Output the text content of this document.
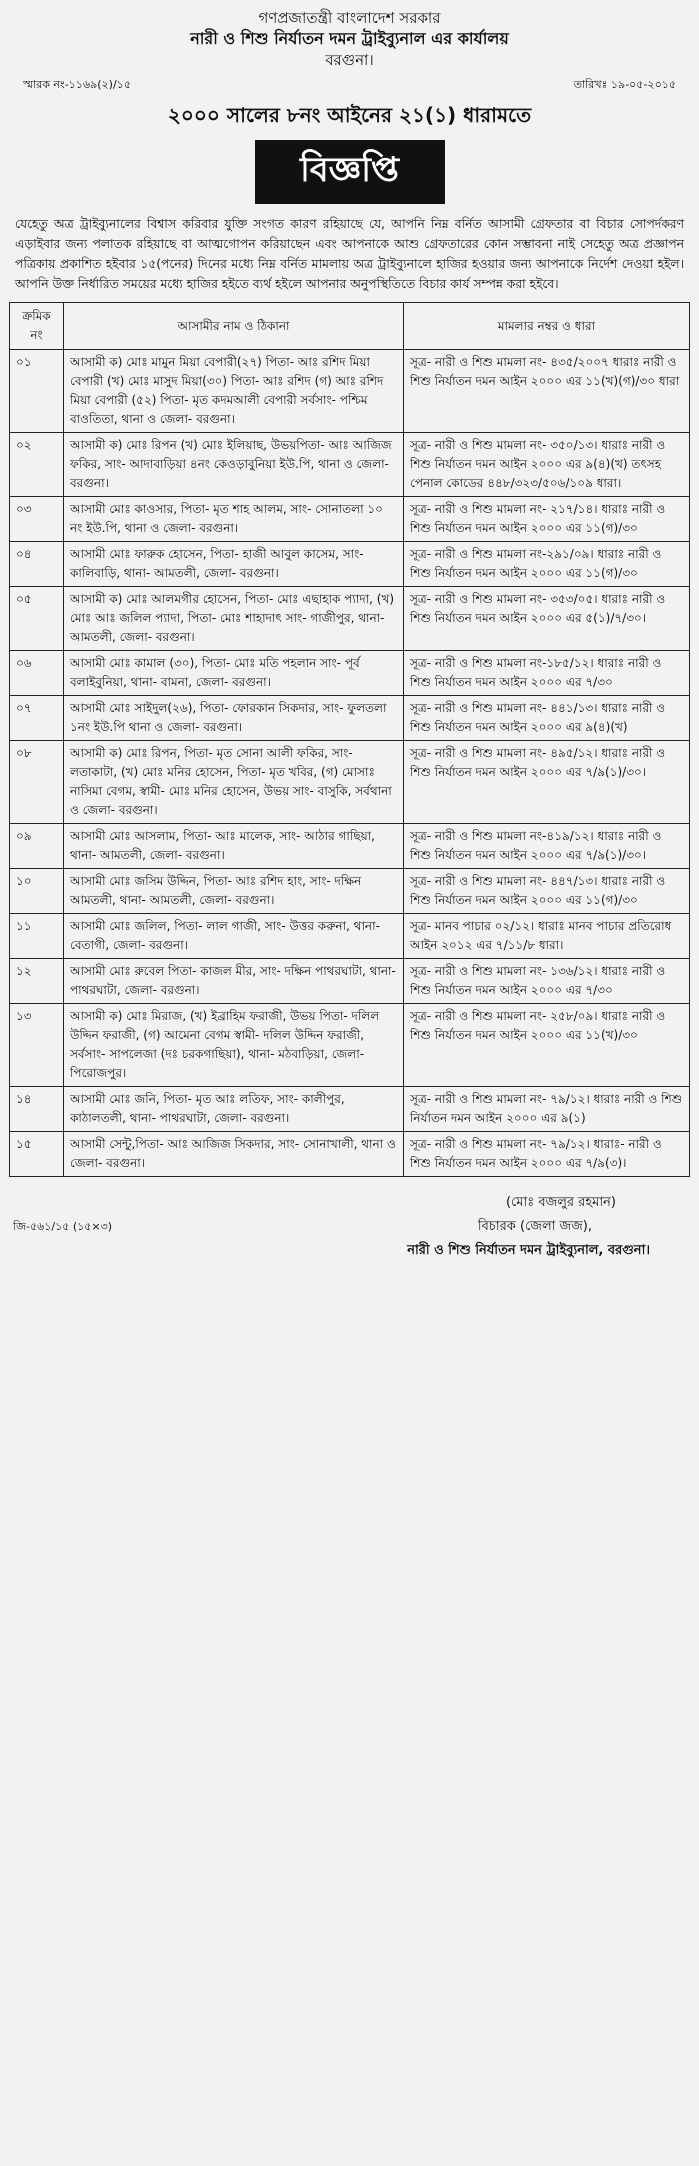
গণপ্রজাতন্ত্রী বাংলাদেশ সরকার
নারী ও শিশু নির্যাতন দমন ট্রাইব্যুনাল এর কার্যালয়
বরগুনা।
স্মারক নং-১১৬৯(২)/১৫	তারিখঃ ১৯-০৫-২০১৫
২০০০ সালের ৮নং আইনের ২১(১) ধারামতে
বিজ্ঞপ্তি
যেহেতু অত্র ট্রাইব্যুনালের বিশ্বাস করিবার যুক্তি সংগত কারণ রহিয়াছে যে, আপনি নিম্ন বর্নিত আসামী গ্রেফতার বা বিচার সোপর্দকরণ এড়াইবার জন্য পলাতক রহিয়াছে বা আত্মগোপন করিয়াছেন এবং আপনাকে আশু গ্রেফতারের কোন সম্ভাবনা নাই সেহেতু অত্র প্রজ্ঞাপন পত্রিকায় প্রকাশিত হইবার ১৫(পনের) দিনের মধ্যে নিম্ন বর্নিত মামলায় অত্র ট্রাইব্যুনালে হাজির হওয়ার জন্য আপনাকে নির্দেশ দেওয়া হইল। আপনি উক্ত নির্ধারিত সময়ের মধ্যে হাজির হইতে ব্যর্থ হইলে আপনার অনুপস্থিতিতে বিচার কার্য সম্পন্ন করা হইবে।
ক্রমিক নং	আসামীর নাম ও ঠিকানা	মামলার নম্বর ও ধারা
০১	আসামী ক) মোঃ মামুন মিয়া বেপারী(২৭) পিতা- আঃ রশিদ মিয়া বেপারী (খ) মোঃ মাসুদ মিয়া(৩০) পিতা- আঃ রশিদ (গ) আঃ রশিদ মিয়া বেপারী (৫২) পিতা- মৃত কদমআলী বেপারী সর্বসাং- পশ্চিম বাওতিতা, থানা ও জেলা- বরগুনা।	সূত্র- নারী ও শিশু মামলা নং- ৪৩৫/২০০৭ ধারাঃ নারী ও শিশু নির্যাতন দমন আইন ২০০০ এর ১১(খ)(গ)/৩০ ধারা
০২	আসামী ক) মোঃ রিপন (খ) মোঃ ইলিয়াছ, উভয়পিতা- আঃ আজিজ ফকির, সাং- আদাবাড়িয়া ৪নং কেওড়াবুনিয়া ইউ.পি, থানা ও জেলা- বরগুনা।	সূত্র- নারী ও শিশু মামলা নং- ৩৫০/১৩। ধারাঃ নারী ও শিশু নির্যাতন দমন আইন ২০০০ এর ৯(৪)(খ) তৎসহ পেনাল কোডের ৪৪৮/৩২৩/৫০৬/১০৯ ধারা।
০৩	আসামী মোঃ কাওসার, পিতা- মৃত শাহ আলম, সাং- সোনাতলা ১০ নং ইউ.পি, থানা ও জেলা- বরগুনা।	সূত্র- নারী ও শিশু মামলা নং- ২১৭/১৪। ধারাঃ নারী ও শিশু নির্যাতন দমন আইন ২০০০ এর ১১(গ)/৩০
০৪	আসামী মোঃ ফারুক হোসেন, পিতা- হাজী আবুল কাসেম, সাং- কালিবাড়ি, থানা- আমতলী, জেলা- বরগুনা।	সূত্র- নারী ও শিশু মামলা নং-২৯১/০৯। ধারাঃ নারী ও শিশু নির্যাতন দমন আইন ২০০০ এর ১১(গ)/৩০
০৫	আসামী ক) মোঃ আলমগীর হোসেন, পিতা- মোঃ এছাহাক প্যাদা, (খ) মোঃ আঃ জলিল প্যাদা, পিতা- মোঃ শাহাদাৎ সাং- গাজীপুর, থানা- আমতলী, জেলা- বরগুনা।	সূত্র- নারী ও শিশু মামলা নং- ৩৫৩/০৫। ধারাঃ নারী ও শিশু নির্যাতন দমন আইন ২০০০ এর ৫(১)/৭/৩০।
০৬	আসামী মোঃ কামাল (৩০), পিতা- মোঃ মতি পহলান সাং- পূর্ব বলাইবুনিয়া, থানা- বামনা, জেলা- বরগুনা।	সূত্র- নারী ও শিশু মামলা নং-১৮৫/১২। ধারাঃ নারী ও শিশু নির্যাতন দমন আইন ২০০০ এর ৭/৩০
০৭	আসামী মোঃ সাইদুল(২৬), পিতা- ফোরকান সিকদার, সাং- ফুলতলা ১নং ইউ.পি থানা ও জেলা- বরগুনা।	সূত্র- নারী ও শিশু মামলা নং- ৪৪১/১৩। ধারাঃ নারী ও শিশু নির্যাতন দমন আইন ২০০০ এর ৯(৪)(খ)
০৮	আসামী ক) মোঃ রিপন, পিতা- মৃত সোনা আলী ফকির, সাং- লতাকাটা, (খ) মোঃ মনির হোসেন, পিতা- মৃত খবির, (গ) মোসাঃ নাসিমা বেগম, স্বামী- মোঃ মনির হোসেন, উভয় সাং- বাসুকি, সর্বথানা ও জেলা- বরগুনা।	সূত্র- নারী ও শিশু মামলা নং- ৪৯৫/১২। ধারাঃ নারী ও শিশু নির্যাতন দমন আইন ২০০০ এর ৭/৯(১)/৩০।
০৯	আসামী মোঃ আসলাম, পিতা- আঃ মালেক, সাং- আঠার গাছিয়া, থানা- আমতলী, জেলা- বরগুনা।	সূত্র- নারী ও শিশু মামলা নং-৪১৯/১২। ধারাঃ নারী ও শিশু নির্যাতন দমন আইন ২০০০ এর ৭/৯(১)/৩০।
১০	আসামী মোঃ জসিম উদ্দিন, পিতা- আঃ রশিদ হাং, সাং- দক্ষিন আমতলী, থানা- আমতলী, জেলা- বরগুনা।	সূত্র- নারী ও শিশু মামলা নং- ৪৪৭/১৩। ধারাঃ নারী ও শিশু নির্যাতন দমন আইন ২০০০ এর ১১(গ)/৩০
১১	আসামী মোঃ জলিল, পিতা- লাল গাজী, সাং- উত্তর করুনা, থানা- বেতাগী, জেলা- বরগুনা।	সূত্র- মানব পাচার ০২/১২। ধারাঃ মানব পাচার প্রতিরোধ আইন ২০১২ এর ৭/১১/৮ ধারা।
১২	আসামী মোঃ রুবেল পিতা- কাজল মীর, সাং- দক্ষিন পাথরঘাটা, থানা- পাথরঘাটা, জেলা- বরগুনা।	সূত্র- নারী ও শিশু মামলা নং- ১৩৬/১২। ধারাঃ নারী ও শিশু নির্যাতন দমন আইন ২০০০ এর ৭/৩০
১৩	আসামী ক) মোঃ মিরাজ, (খ) ইব্রাহিম ফরাজী, উভয় পিতা- দলিল উদ্দিন ফরাজী, (গ) আমেনা বেগম স্বামী- দলিল উদ্দিন ফরাজী, সর্বসাং- সাপলেজা (দঃ চরকগাছিয়া), থানা- মঠবাড়িয়া, জেলা- পিরোজপুর।	সূত্র- নারী ও শিশু মামলা নং- ২৫৮/০৯। ধারাঃ নারী ও শিশু নির্যাতন দমন আইন ২০০০ এর ১১(খ)/৩০
১৪	আসামী মোঃ জনি, পিতা- মৃত আঃ লতিফ, সাং- কালীপুর, কাঠালতলী, থানা- পাথরঘাটা, জেলা- বরগুনা।	সূত্র- নারী ও শিশু মামলা নং- ৭৯/১২। ধারাঃ নারী ও শিশু নির্যাতন দমন আইন ২০০০ এর ৯(১)
১৫	আসামী সেন্টু,পিতা- আঃ আজিজ সিকদার, সাং- সোনাখালী, থানা ও জেলা- বরগুনা।	সূত্র- নারী ও শিশু মামলা নং- ৭৯/১২। ধারাঃ- নারী ও শিশু নির্যাতন দমন আইন ২০০০ এর ৭/৯(৩)।
জি-৫৬১/১৫ (১৫×৩)
(মোঃ বজলুর রহমান)
বিচারক (জেলা জজ),
নারী ও শিশু নির্যাতন দমন ট্রাইব্যুনাল, বরগুনা।
